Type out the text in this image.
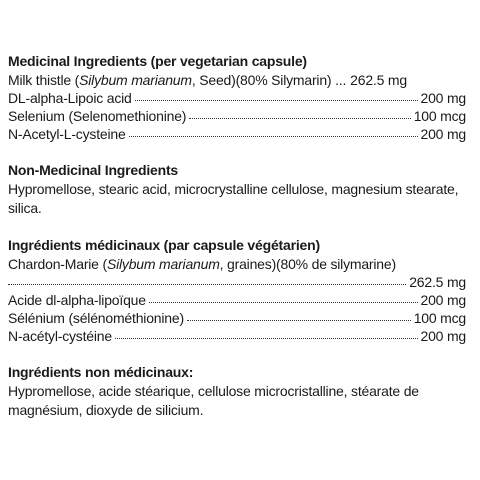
Medicinal Ingredients (per vegetarian capsule)
Milk thistle (Silybum marianum, Seed)(80% Silymarin) ... 262.5 mg
DL-alpha-Lipoic acid	200 mg
Selenium (Selenomethionine)	100 mcg
N-Acetyl-L-cysteine	200 mg
Non-Medicinal Ingredients
Hypromellose, stearic acid, microcrystalline cellulose, magnesium stearate, silica.
Ingrédients médicinaux (par capsule végétarien)
Chardon-Marie (Silybum marianum, graines)(80% de silymarine)
262.5 mg
Acide dl-alpha-lipoïque	200 mg
Sélénium (sélénométhionine)	100 mcg
N-acétyl-cystéine	200 mg
Ingrédients non médicinaux:
Hypromellose, acide stéarique, cellulose microcristalline, stéarate de magnésium, dioxyde de silicium.
